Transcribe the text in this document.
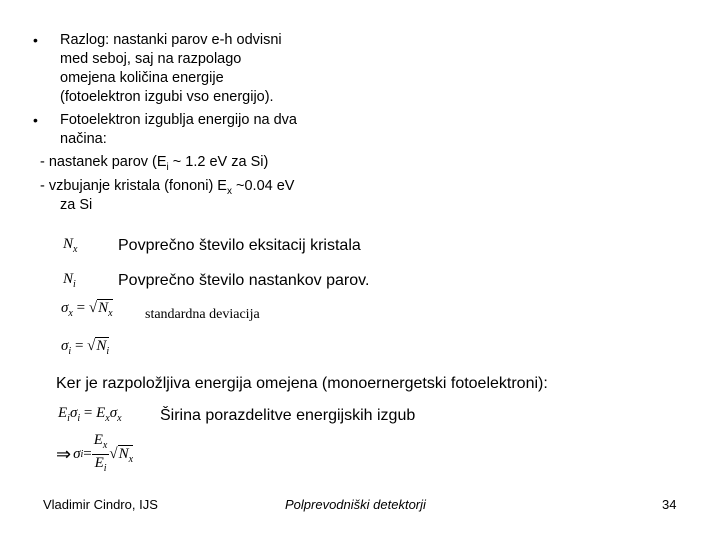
• Razlog: nastanki parov e-h odvisni
med seboj, saj na razpolago
omejena količina energije
(fotoelektron izgubi vso energijo).
• Fotoelektron izgublja energijo na dva
načina:
- nastanek parov ($E_i$ ~ 1.2 eV za Si)
- vzbujanje kristala (fononi) $E_x$ ~0.04 eV
za Si
$N_x$	Povprečno število eksitacij kristala
$N_i$	Povprečno število nastankov parov.
$\sigma_x = √N_x$ standardna deviacija
$\sigma_i = √N_i$
Ker je razpoložljiva energija omejena (monoernergetski fotoelektroni):
$E_i\sigma_i = E_x\sigma_x$ Širina porazdelitve energijskih izgub
⇒ σ $i = \frac{E_x}{E_i}$ √ $N_x$
Vladimir Cindro, IJS	Polprevodniški detektorji	34
